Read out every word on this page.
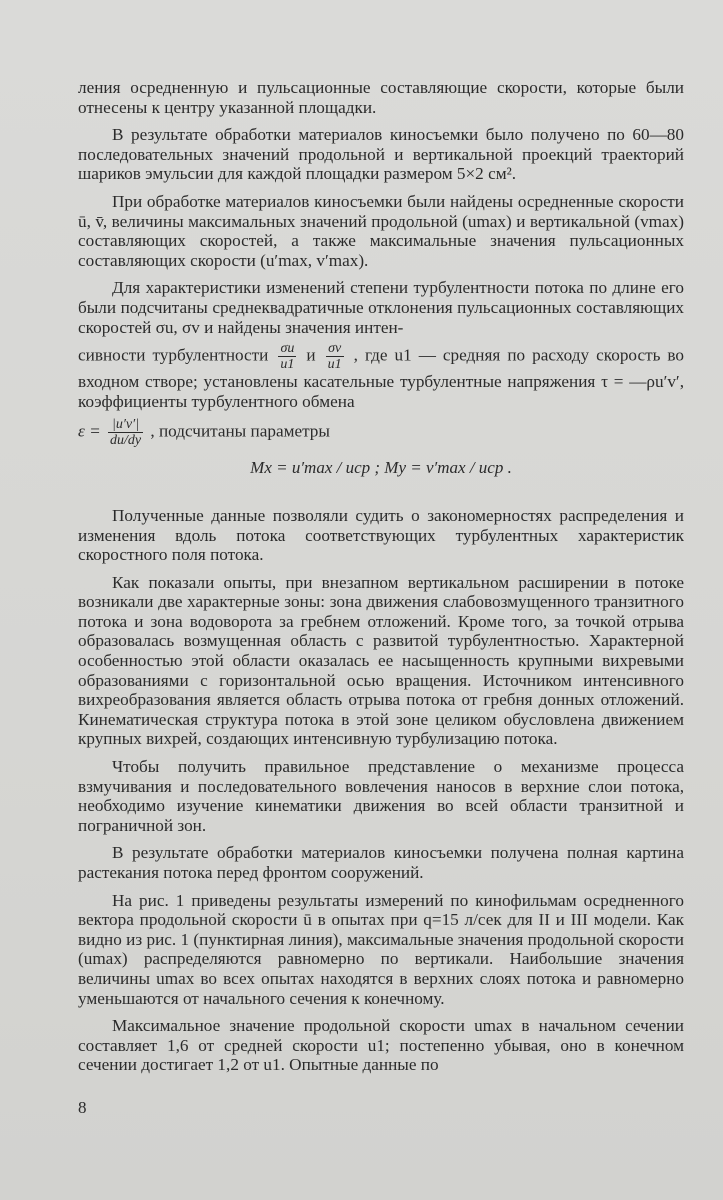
ления осредненную и пульсационные составляющие скорости, которые были отнесены к центру указанной площадки.

В результате обработки материалов киносъемки было получено по 60—80 последовательных значений продольной и вертикальной проекций траекторий шариков эмульсии для каждой площадки размером 5×2 см².

При обработке материалов киносъемки были найдены осредненные скорости ū, v̄, величины максимальных значений продольной (umax) и вертикальной (vmax) составляющих скоростей, а также максимальные значения пульсационных составляющих скорости (u′max, v′max).

Для характеристики изменений степени турбулентности потока по длине его были подсчитаны среднеквадратичные отклонения пульсационных составляющих скоростей σu, σv и найдены значения интен-

сивности турбулентности $\frac{\sigma u}{u1}$ и $\frac{\sigma v}{u1}$ , где u1 — средняя по расходу скорость во входном створе; установлены касательные турбулентные напряжения τ = —ρu′v′, коэффициенты турбулентного обмена
$\varepsilon = \frac{|u'v'|}{du/dy}$ , подсчитаны параметры
Mx = u′max / uср ; My = v′max / uср .

Полученные данные позволяли судить о закономерностях распределения и изменения вдоль потока соответствующих турбулентных характеристик скоростного поля потока.

Как показали опыты, при внезапном вертикальном расширении в потоке возникали две характерные зоны: зона движения слабовозмущенного транзитного потока и зона водоворота за гребнем отложений. Кроме того, за точкой отрыва образовалась возмущенная область с развитой турбулентностью. Характерной особенностью этой области оказалась ее насыщенность крупными вихревыми образованиями с горизонтальной осью вращения. Источником интенсивного вихреобразования является область отрыва потока от гребня донных отложений. Кинематическая структура потока в этой зоне целиком обусловлена движением крупных вихрей, создающих интенсивную турбулизацию потока.

Чтобы получить правильное представление о механизме процесса взмучивания и последовательного вовлечения наносов в верхние слои потока, необходимо изучение кинематики движения во всей области транзитной и пограничной зон.

В результате обработки материалов киносъемки получена полная картина растекания потока перед фронтом сооружений.

На рис. 1 приведены результаты измерений по кинофильмам осредненного вектора продольной скорости ū в опытах при q=15 л/сек для II и III модели. Как видно из рис. 1 (пунктирная линия), максимальные значения продольной скорости (umax) распределяются равномерно по вертикали. Наибольшие значения величины umax во всех опытах находятся в верхних слоях потока и равномерно уменьшаются от начального сечения к конечному.

Максимальное значение продольной скорости umax в начальном сечении составляет 1,6 от средней скорости u1; постепенно убывая, оно в конечном сечении достигает 1,2 от u1. Опытные данные по

8
